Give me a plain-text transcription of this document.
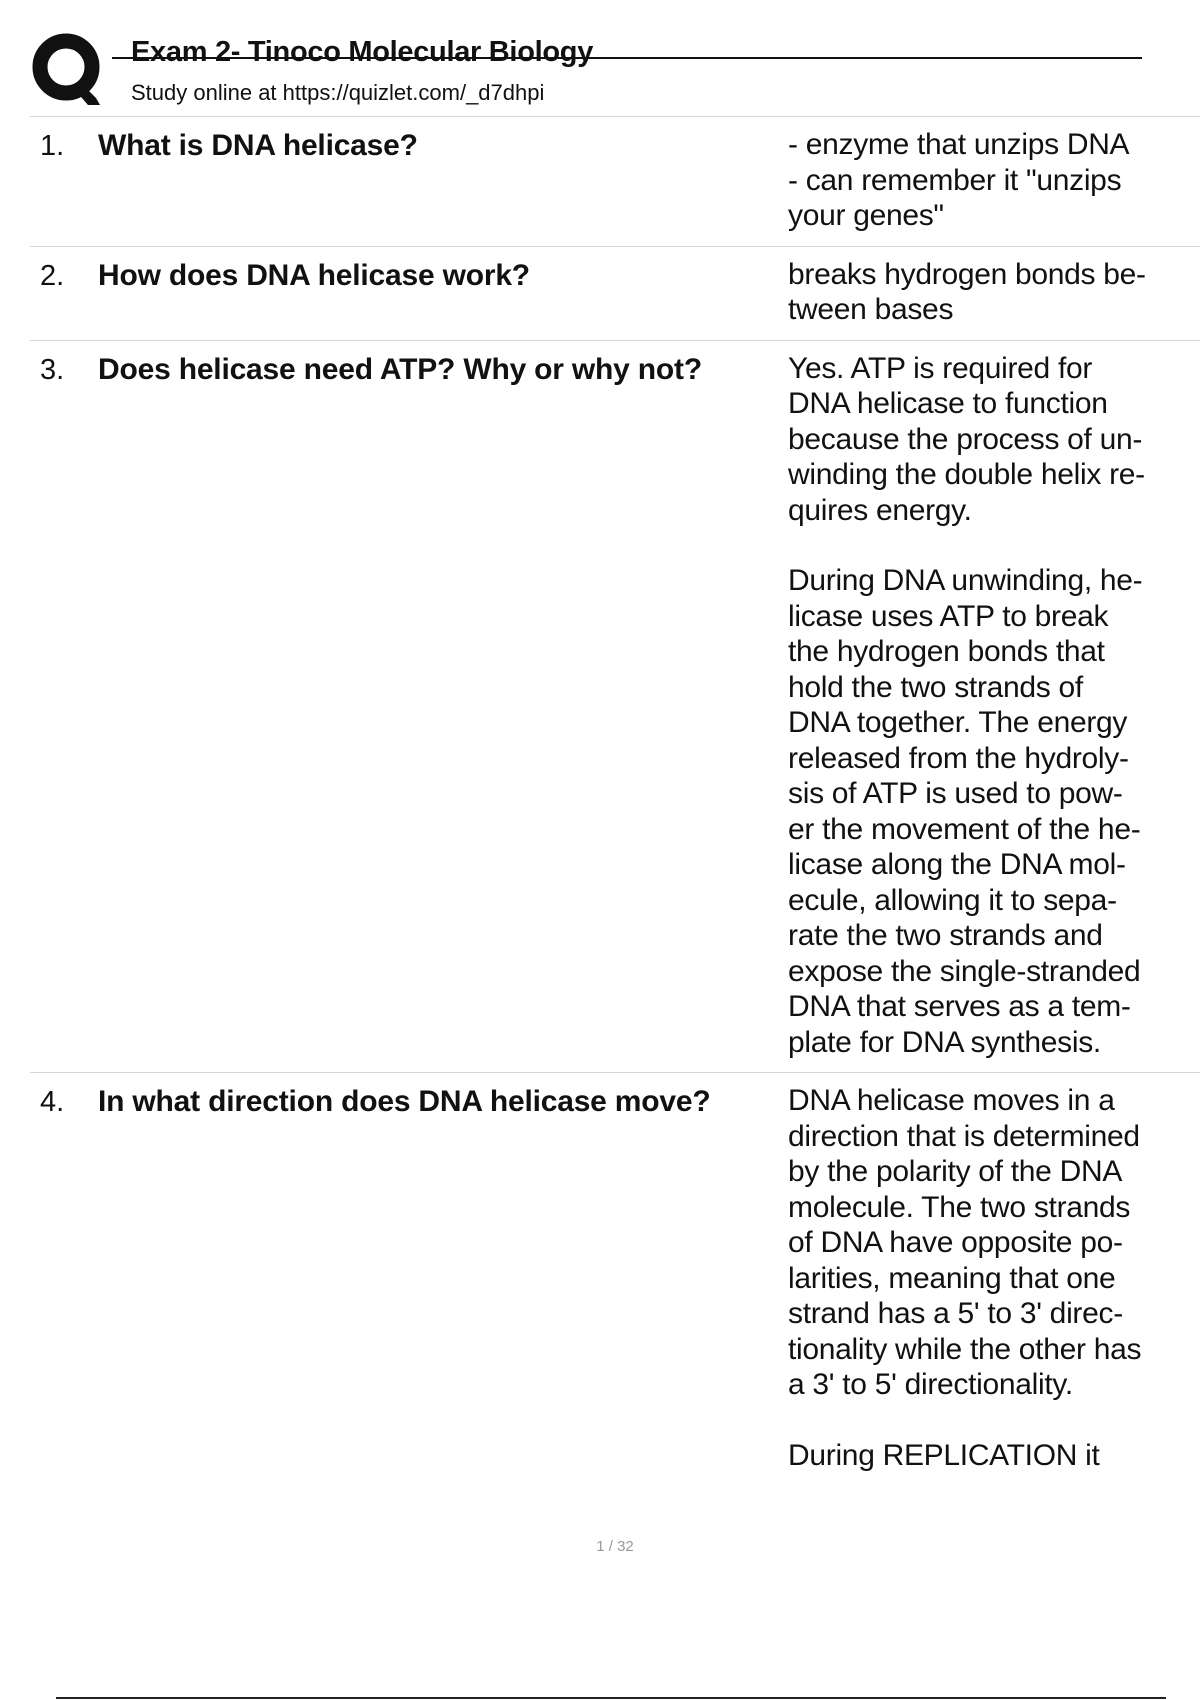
Exam 2- Tinoco Molecular Biology
Study online at https://quizlet.com/_d7dhpi
1. What is DNA helicase?	- enzyme that unzips DNA

- can remember it "unzips

your genes"

2. How does DNA helicase work?	breaks hydrogen bonds be-

tween bases

3. Does helicase need ATP? Why or why not?	Yes. ATP is required for

DNA helicase to function

because the process of un-

winding the double helix re-

quires energy.

During DNA unwinding, he-

licase uses ATP to break

the hydrogen bonds that

hold the two strands of

DNA together. The energy

released from the hydroly-

sis of ATP is used to pow-

er the movement of the he-

licase along the DNA mol-

ecule, allowing it to sepa-

rate the two strands and

expose the single-stranded

DNA that serves as a tem-

plate for DNA synthesis.

4. In what direction does DNA helicase move?	DNA helicase moves in a

direction that is determined

by the polarity of the DNA

molecule. The two strands

of DNA have opposite po-

larities, meaning that one

strand has a 5' to 3' direc-

tionality while the other has

a 3' to 5' directionality.

During REPLICATION it

1 / 32
